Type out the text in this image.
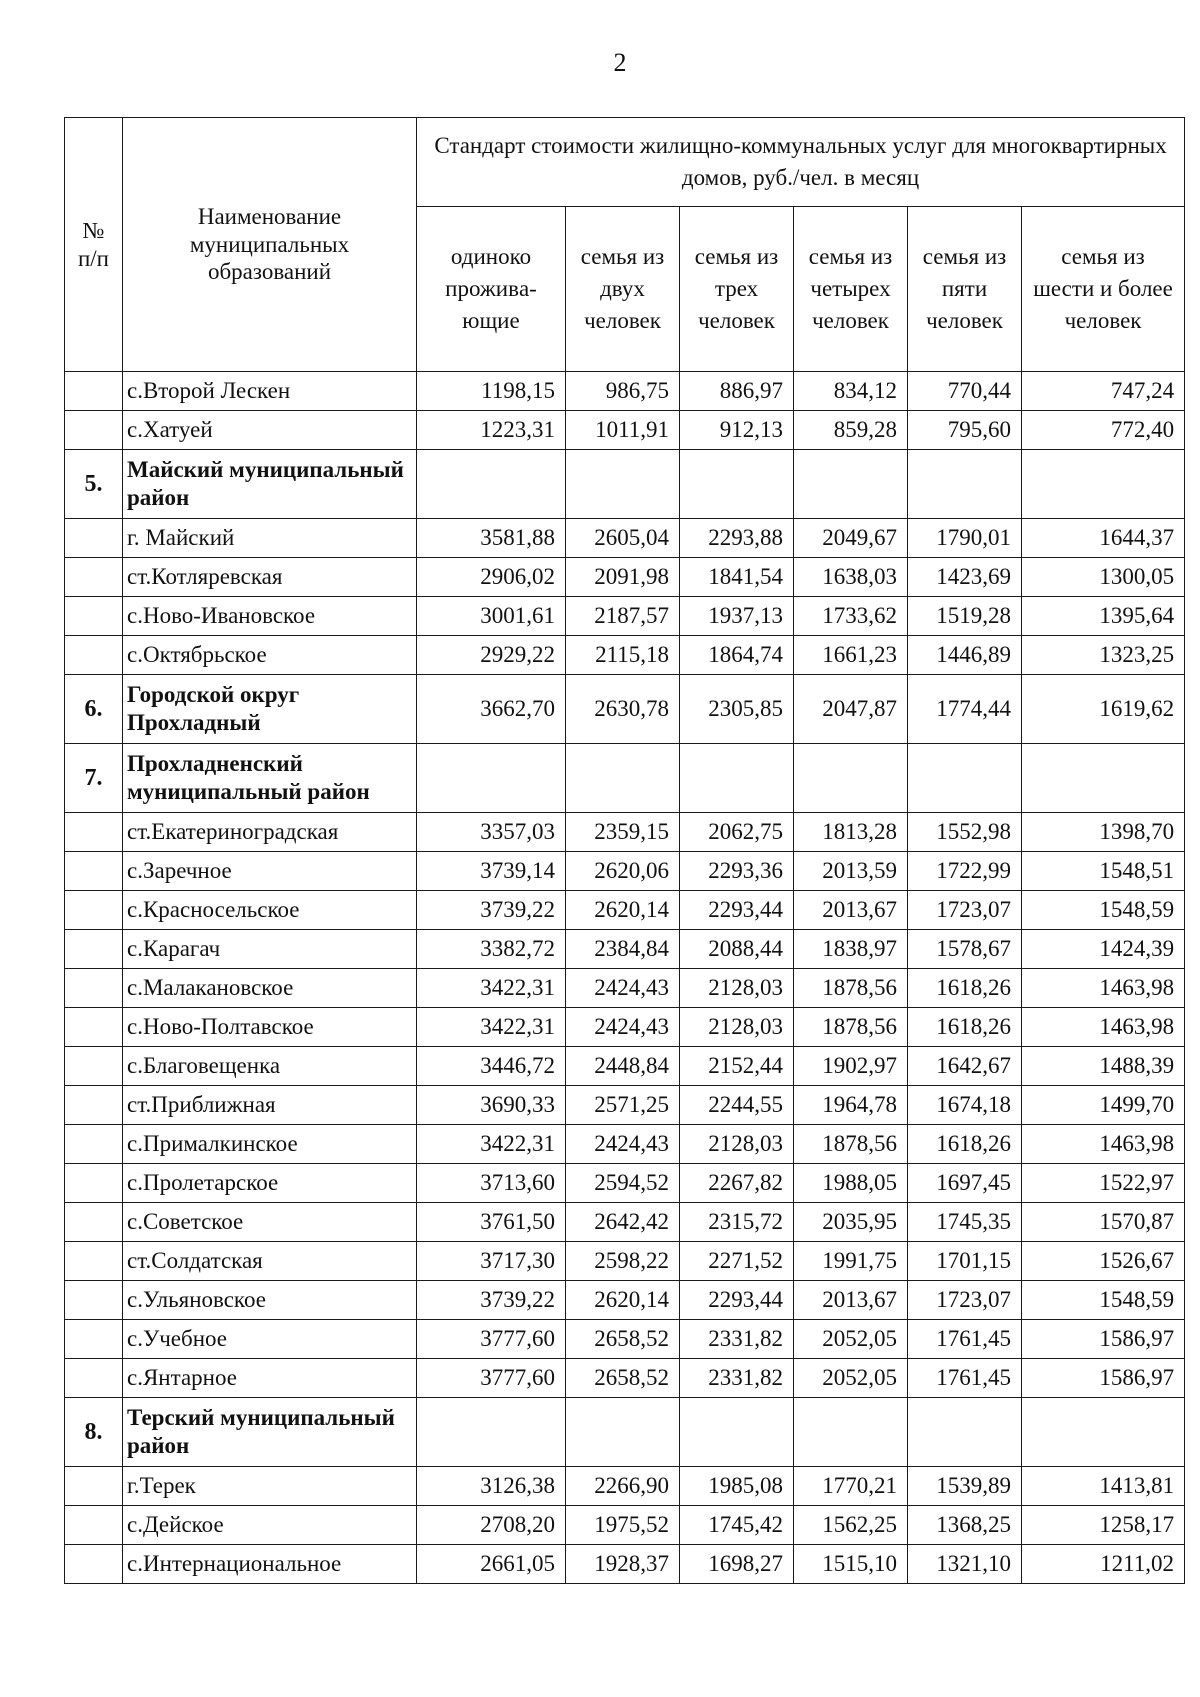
2
№ п/п	Наименование муниципальных образований	Стандарт стоимости жилищно-коммунальных услуг для многоквартирных домов, руб./чел. в месяц					
		одиноко проживa-ющие	семья из двух человек	семья из трех человек	семья из четырех человек	семья из пяти человек	семья из шести и более человек
	с.Второй Лескен	1198,15	986,75	886,97	834,12	770,44	747,24
	с.Хатуей	1223,31	1011,91	912,13	859,28	795,60	772,40
5.	Майский муниципальный район						
	г. Майский	3581,88	2605,04	2293,88	2049,67	1790,01	1644,37
	ст.Котляревская	2906,02	2091,98	1841,54	1638,03	1423,69	1300,05
	с.Ново-Ивановское	3001,61	2187,57	1937,13	1733,62	1519,28	1395,64
	с.Октябрьское	2929,22	2115,18	1864,74	1661,23	1446,89	1323,25
6.	Городской округ Прохладный	3662,70	2630,78	2305,85	2047,87	1774,44	1619,62
7.	Прохладненский муниципальный район						
	ст.Екатериноградская	3357,03	2359,15	2062,75	1813,28	1552,98	1398,70
	с.Заречное	3739,14	2620,06	2293,36	2013,59	1722,99	1548,51
	с.Красносельское	3739,22	2620,14	2293,44	2013,67	1723,07	1548,59
	с.Карагач	3382,72	2384,84	2088,44	1838,97	1578,67	1424,39
	с.Малакановское	3422,31	2424,43	2128,03	1878,56	1618,26	1463,98
	с.Ново-Полтавское	3422,31	2424,43	2128,03	1878,56	1618,26	1463,98
	с.Благовещенка	3446,72	2448,84	2152,44	1902,97	1642,67	1488,39
	ст.Приближная	3690,33	2571,25	2244,55	1964,78	1674,18	1499,70
	с.Пpималкинское	3422,31	2424,43	2128,03	1878,56	1618,26	1463,98
	с.Пролетарское	3713,60	2594,52	2267,82	1988,05	1697,45	1522,97
	с.Советское	3761,50	2642,42	2315,72	2035,95	1745,35	1570,87
	ст.Солдатская	3717,30	2598,22	2271,52	1991,75	1701,15	1526,67
	с.Ульяновское	3739,22	2620,14	2293,44	2013,67	1723,07	1548,59
	с.Учебное	3777,60	2658,52	2331,82	2052,05	1761,45	1586,97
	с.Янтарное	3777,60	2658,52	2331,82	2052,05	1761,45	1586,97
8.	Терский муниципальный район						
	г.Терек	3126,38	2266,90	1985,08	1770,21	1539,89	1413,81
	с.Дейское	2708,20	1975,52	1745,42	1562,25	1368,25	1258,17
	с.Интернациональное	2661,05	1928,37	1698,27	1515,10	1321,10	1211,02
